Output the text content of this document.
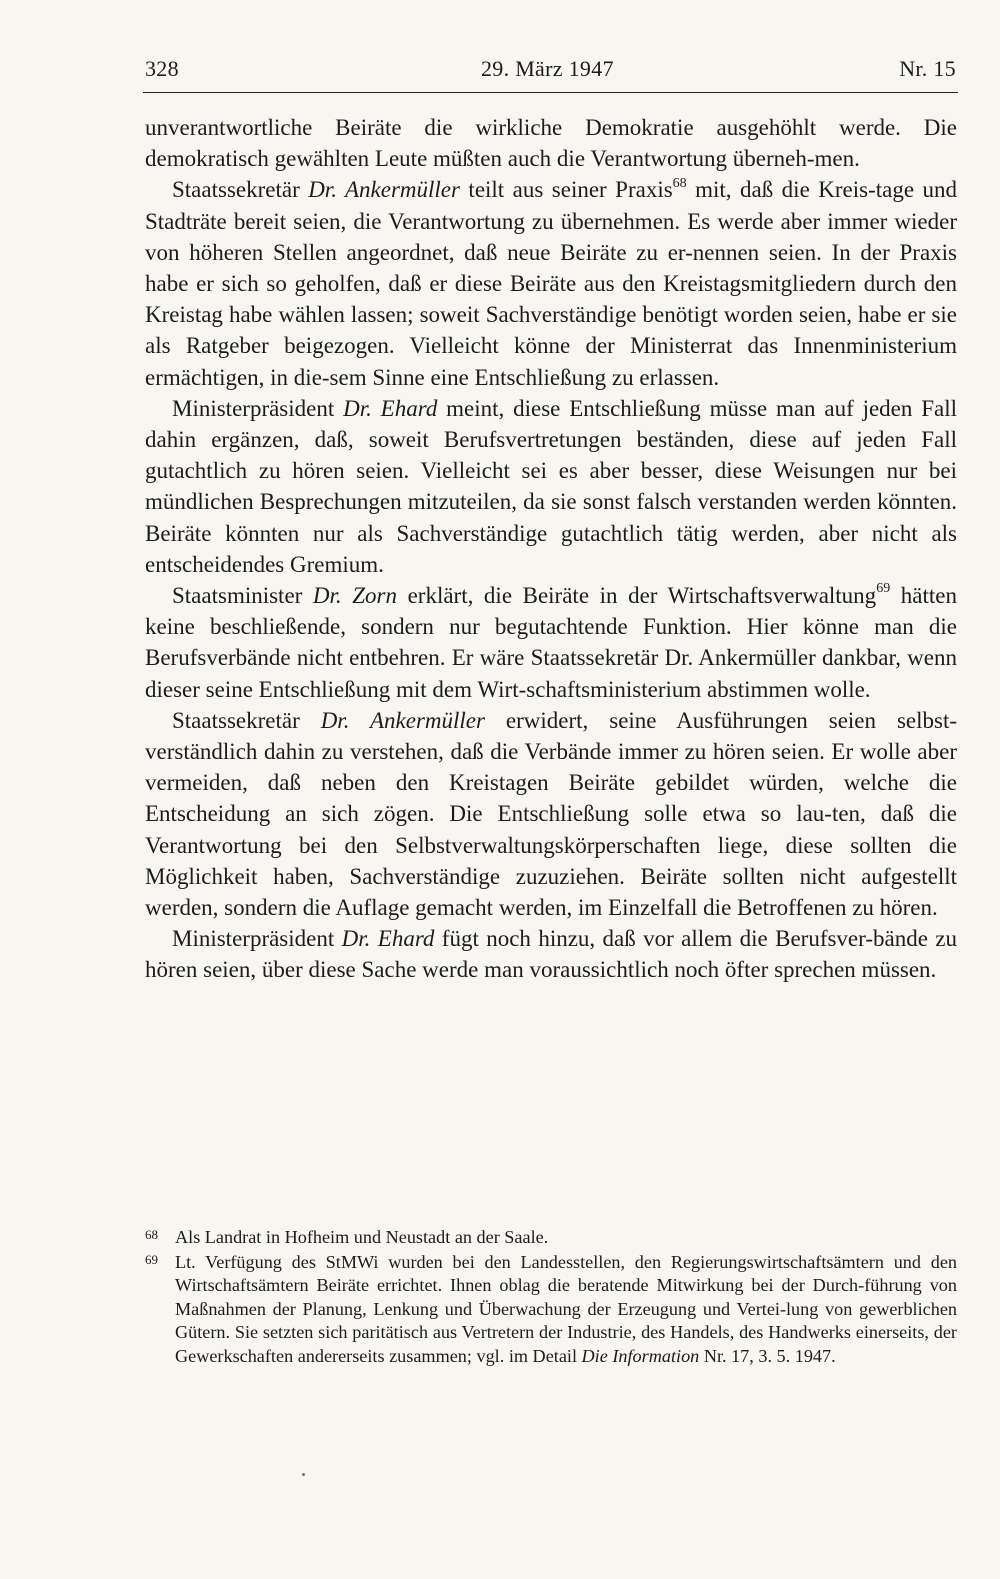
328	29. März 1947	Nr. 15

unverantwortliche Beiräte die wirkliche Demokratie ausgehöhlt werde. Die demokratisch gewählten Leute müßten auch die Verantwortung überneh-men.

Staatssekretär Dr. Ankermüller teilt aus seiner Praxis$^{68}$ mit, daß die Kreis-tage und Stadträte bereit seien, die Verantwortung zu übernehmen. Es werde aber immer wieder von höheren Stellen angeordnet, daß neue Beiräte zu er-nennen seien. In der Praxis habe er sich so geholfen, daß er diese Beiräte aus den Kreistagsmitgliedern durch den Kreistag habe wählen lassen; soweit Sachverständige benötigt worden seien, habe er sie als Ratgeber beigezogen. Vielleicht könne der Ministerrat das Innenministerium ermächtigen, in die-sem Sinne eine Entschließung zu erlassen.

Ministerpräsident Dr. Ehard meint, diese Entschließung müsse man auf jeden Fall dahin ergänzen, daß, soweit Berufsvertretungen beständen, diese auf jeden Fall gutachtlich zu hören seien. Vielleicht sei es aber besser, diese Weisungen nur bei mündlichen Besprechungen mitzuteilen, da sie sonst falsch verstanden werden könnten. Beiräte könnten nur als Sachverständige gutachtlich tätig werden, aber nicht als entscheidendes Gremium.

Staatsminister Dr. Zorn erklärt, die Beiräte in der Wirtschaftsverwaltung$^{69}$ hätten keine beschließende, sondern nur begutachtende Funktion. Hier könne man die Berufsverbände nicht entbehren. Er wäre Staatssekretär Dr. Ankermüller dankbar, wenn dieser seine Entschließung mit dem Wirt-schaftsministerium abstimmen wolle.

Staatssekretär Dr. Ankermüller erwidert, seine Ausführungen seien selbst-verständlich dahin zu verstehen, daß die Verbände immer zu hören seien. Er wolle aber vermeiden, daß neben den Kreistagen Beiräte gebildet würden, welche die Entscheidung an sich zögen. Die Entschließung solle etwa so lau-ten, daß die Verantwortung bei den Selbstverwaltungskörperschaften liege, diese sollten die Möglichkeit haben, Sachverständige zuzuziehen. Beiräte sollten nicht aufgestellt werden, sondern die Auflage gemacht werden, im Einzelfall die Betroffenen zu hören.

Ministerpräsident Dr. Ehard fügt noch hinzu, daß vor allem die Berufsver-bände zu hören seien, über diese Sache werde man voraussichtlich noch öfter sprechen müssen.

68 Als Landrat in Hofheim und Neustadt an der Saale.
69 Lt. Verfügung des StMWi wurden bei den Landesstellen, den Regierungswirtschaftsämtern und den Wirtschaftsämtern Beiräte errichtet. Ihnen oblag die beratende Mitwirkung bei der Durch-führung von Maßnahmen der Planung, Lenkung und Überwachung der Erzeugung und Vertei-lung von gewerblichen Gütern. Sie setzten sich paritätisch aus Vertretern der Industrie, des Handels, des Handwerks einerseits, der Gewerkschaften andererseits zusammen; vgl. im Detail Die Information Nr. 17, 3. 5. 1947.
